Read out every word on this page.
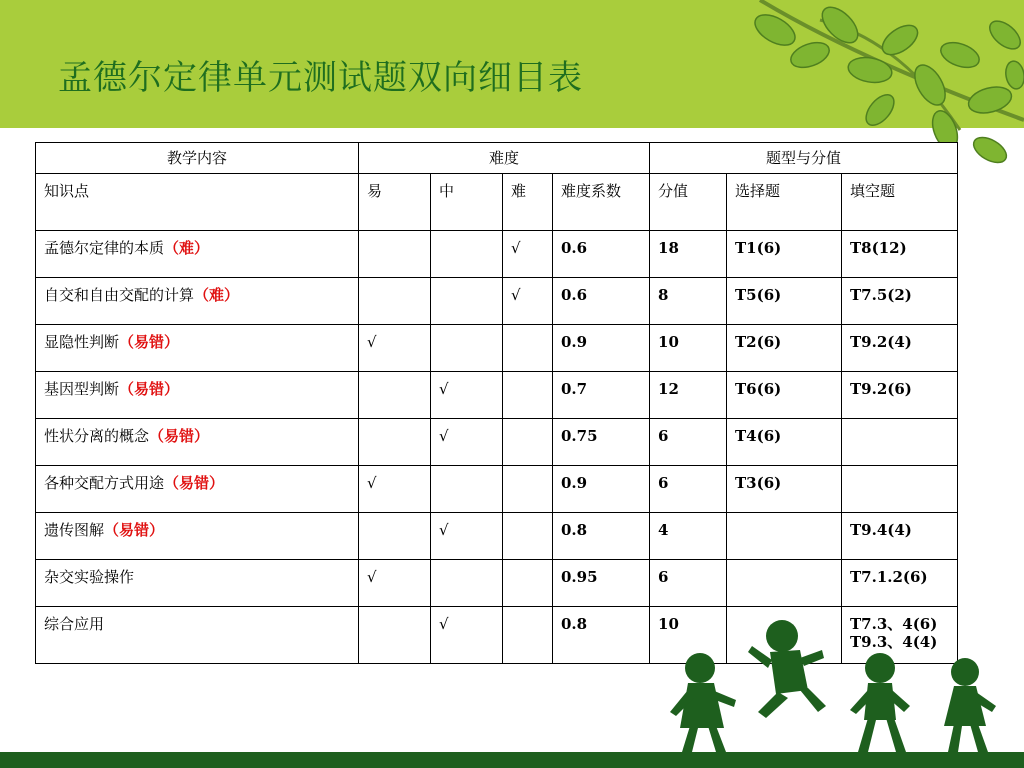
孟德尔定律单元测试题双向细目表
教学内容	难度				题型与分值		
知识点	易	中	难	难度系数	分值	选择题	填空题
孟德尔定律的本质（难）			√	0.6	18	T1(6)	T8(12)
自交和自由交配的计算（难）			√	0.6	8	T5(6)	T7.5(2)
显隐性判断（易错）	√			0.9	10	T2(6)	T9.2(4)
基因型判断（易错）		√		0.7	12	T6(6)	T9.2(6)
性状分离的概念（易错）		√		0.75	6	T4(6)	
各种交配方式用途（易错）	√			0.9	6	T3(6)	
遗传图解（易错）		√		0.8	4		T9.4(4)
杂交实验操作	√			0.95	6		T7.1.2(6)
综合应用		√		0.8	10		T7.3、4(6)
T9.3、4(4)
